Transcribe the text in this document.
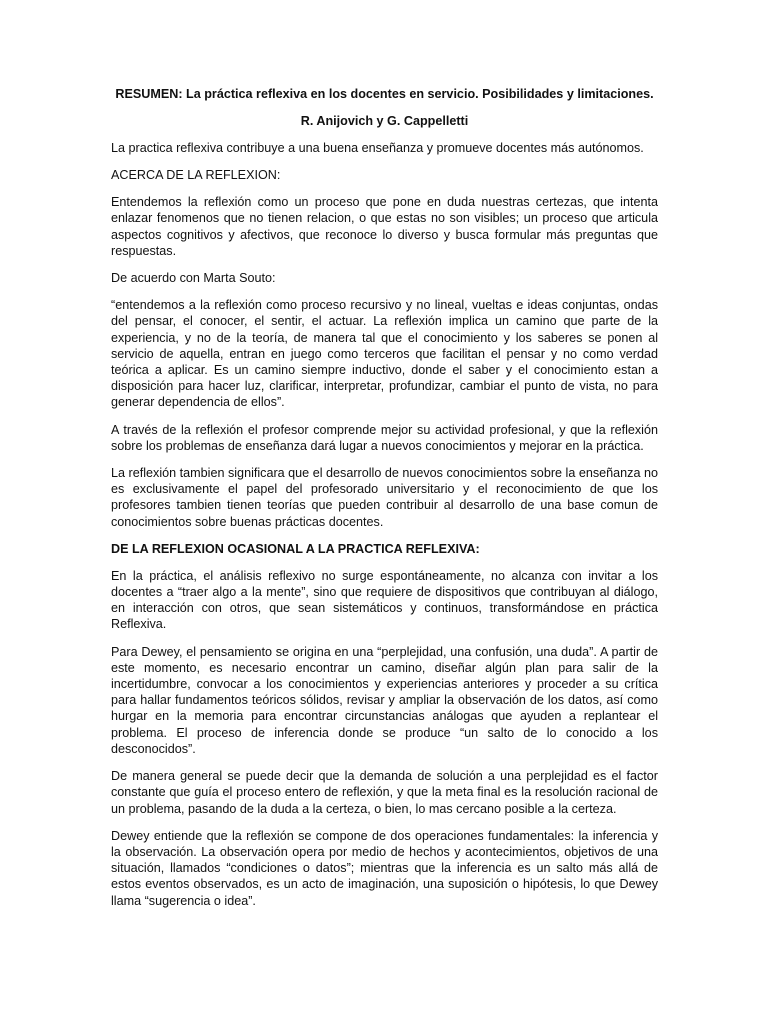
RESUMEN: La práctica reflexiva en los docentes en servicio. Posibilidades y limitaciones.
R. Anijovich y G. Cappelletti

La practica reflexiva contribuye a una buena enseñanza y promueve docentes más autónomos.

ACERCA DE LA REFLEXION:

Entendemos la reflexión como un proceso que pone en duda nuestras certezas, que intenta enlazar fenomenos que no tienen relacion, o que estas no son visibles; un proceso que articula aspectos cognitivos y afectivos, que reconoce lo diverso y busca formular más preguntas que respuestas.

De acuerdo con Marta Souto:

“entendemos a la reflexión como proceso recursivo y no lineal, vueltas e ideas conjuntas, ondas del pensar, el conocer, el sentir, el actuar. La reflexión implica un camino que parte de la experiencia, y no de la teoría, de manera tal que el conocimiento y los saberes se ponen al servicio de aquella, entran en juego como terceros que facilitan el pensar y no como verdad teórica a aplicar. Es un camino siempre inductivo, donde el saber y el conocimiento estan a disposición para hacer luz, clarificar, interpretar, profundizar, cambiar el punto de vista, no para generar dependencia de ellos”.

A través de la reflexión el profesor comprende mejor su actividad profesional, y que la reflexión sobre los problemas de enseñanza dará lugar a nuevos conocimientos y mejorar en la práctica.

La reflexión tambien significara que el desarrollo de nuevos conocimientos sobre la enseñanza no es exclusivamente el papel del profesorado universitario y el reconocimiento de que los profesores tambien tienen teorías que pueden contribuir al desarrollo de una base comun de conocimientos sobre buenas prácticas docentes.

DE LA REFLEXION OCASIONAL A LA PRACTICA REFLEXIVA:

En la práctica, el análisis reflexivo no surge espontáneamente, no alcanza con invitar a los docentes a “traer algo a la mente”, sino que requiere de dispositivos que contribuyan al diálogo, en interacción con otros, que sean sistemáticos y continuos, transformándose en práctica Reflexiva.

Para Dewey, el pensamiento se origina en una “perplejidad, una confusión, una duda”. A partir de este momento, es necesario encontrar un camino, diseñar algún plan para salir de la incertidumbre, convocar a los conocimientos y experiencias anteriores y proceder a su crítica para hallar fundamentos teóricos sólidos, revisar y ampliar la observación de los datos, así como hurgar en la memoria para encontrar circunstancias análogas que ayuden a replantear el problema. El proceso de inferencia donde se produce “un salto de lo conocido a los desconocidos”.

De manera general se puede decir que la demanda de solución a una perplejidad es el factor constante que guía el proceso entero de reflexión, y que la meta final es la resolución racional de un problema, pasando de la duda a la certeza, o bien, lo mas cercano posible a la certeza.

Dewey entiende que la reflexión se compone de dos operaciones fundamentales: la inferencia y la observación. La observación opera por medio de hechos y acontecimientos, objetivos de una situación, llamados “condiciones o datos”; mientras que la inferencia es un salto más allá de estos eventos observados, es un acto de imaginación, una suposición o hipótesis, lo que Dewey llama “sugerencia o idea”.
